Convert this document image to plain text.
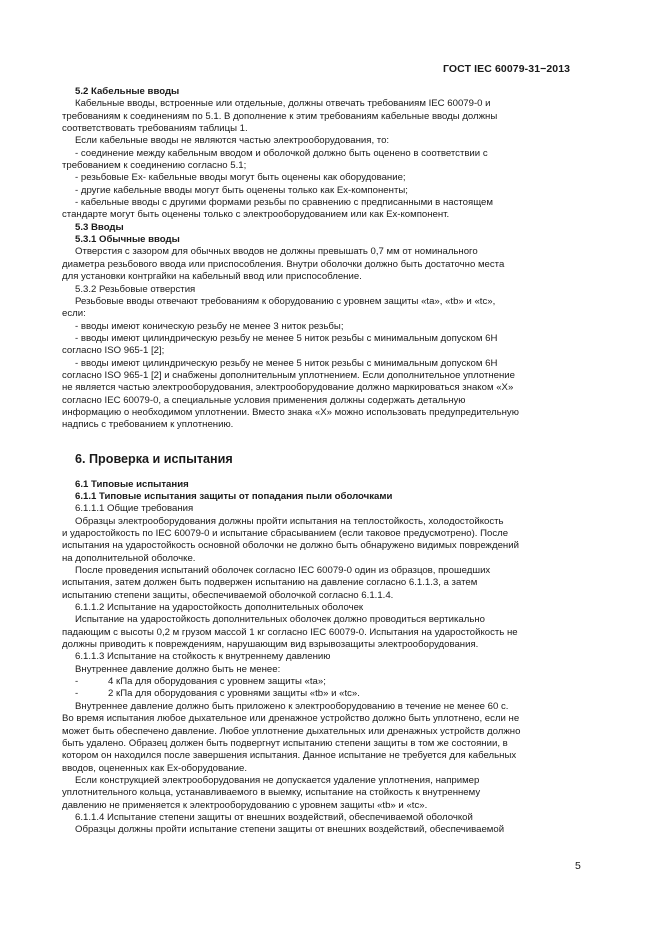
ГОСТ IEC 60079-31−2013

5.2 Кабельные вводы

Кабельные вводы, встроенные или отдельные, должны отвечать требованиям IEC 60079-0 и

требованиям к соединениям по 5.1. В дополнение к этим требованиям кабельные вводы должны

соответствовать требованиям таблицы 1.

Если кабельные вводы не являются частью электрооборудования, то:

- соединение между кабельным вводом и оболочкой должно быть оценено в соответствии с

требованием к соединению согласно 5.1;

- резьбовые Ex- кабельные вводы могут быть оценены как оборудование;

- другие кабельные вводы могут быть оценены только как Ex-компоненты;

- кабельные вводы с другими формами резьбы по сравнению с предписанными в настоящем

стандарте могут быть оценены только с электрооборудованием или как Ex-компонент.

5.3 Вводы

5.3.1 Обычные вводы

Отверстия с зазором для обычных вводов не должны превышать 0,7 мм от номинального

диаметра резьбового ввода или приспособления. Внутри оболочки должно быть достаточно места

для установки контргайки на кабельный ввод или приспособление.

5.3.2 Резьбовые отверстия

Резьбовые вводы отвечают требованиям к оборудованию с уровнем защиты «ta», «tb» и «tc»,

если:

- вводы имеют коническую резьбу не менее 3 ниток резьбы;

- вводы имеют цилиндрическую резьбу не менее 5 ниток резьбы с минимальным допуском 6H

согласно ISO 965-1 [2];

- вводы имеют цилиндрическую резьбу не менее 5 ниток резьбы с минимальным допуском 6H

согласно ISO 965-1 [2] и снабжены дополнительным уплотнением. Если дополнительное уплотнение

не является частью электрооборудования, электрооборудование должно маркироваться знаком «X»

согласно IEC 60079-0, а специальные условия применения должны содержать детальную

информацию о необходимом уплотнении. Вместо знака «X» можно использовать предупредительную

надпись с требованием к уплотнению.

6. Проверка и испытания

6.1 Типовые испытания

6.1.1 Типовые испытания защиты от попадания пыли оболочками

6.1.1.1 Общие требования

Образцы электрооборудования должны пройти испытания на теплостойкость, холодостойкость

и ударостойкость по IEC 60079-0 и испытание сбрасыванием (если таковое предусмотрено). После

испытания на ударостойкость основной оболочки не должно быть обнаружено видимых повреждений

на дополнительной оболочке.

После проведения испытаний оболочек согласно IEC 60079-0 один из образцов, прошедших

испытания, затем должен быть подвержен испытанию на давление согласно 6.1.1.3, а затем

испытанию степени защиты, обеспечиваемой оболочкой согласно 6.1.1.4.

6.1.1.2 Испытание на ударостойкость дополнительных оболочек

Испытание на ударостойкость дополнительных оболочек должно проводиться вертикально

падающим с высоты 0,2 м грузом массой 1 кг согласно IEC 60079-0. Испытания на ударостойкость не

должны приводить к повреждениям, нарушающим вид взрывозащиты электрооборудования.

6.1.1.3 Испытание на стойкость к внутреннему давлению

Внутреннее давление должно быть не менее:

-	4 кПа для оборудования с уровнем защиты «ta»;

-	2 кПа для оборудования с уровнями защиты «tb» и «tc».

Внутреннее давление должно быть приложено к электрооборудованию в течение не менее 60 с.

Во время испытания любое дыхательное или дренажное устройство должно быть уплотнено, если не

может быть обеспечено давление. Любое уплотнение дыхательных или дренажных устройств должно

быть удалено. Образец должен быть подвергнут испытанию степени защиты в том же состоянии, в

котором он находился после завершения испытания. Данное испытание не требуется для кабельных

вводов, оцененных как Ex-оборудование.

Если конструкцией электрооборудования не допускается удаление уплотнения, например

уплотнительного кольца, устанавливаемого в выемку, испытание на стойкость к внутреннему

давлению не применяется к электрооборудованию с уровнем защиты «tb» и «tc».

6.1.1.4 Испытание степени защиты от внешних воздействий, обеспечиваемой оболочкой

Образцы должны пройти испытание степени защиты от внешних воздействий, обеспечиваемой

5
